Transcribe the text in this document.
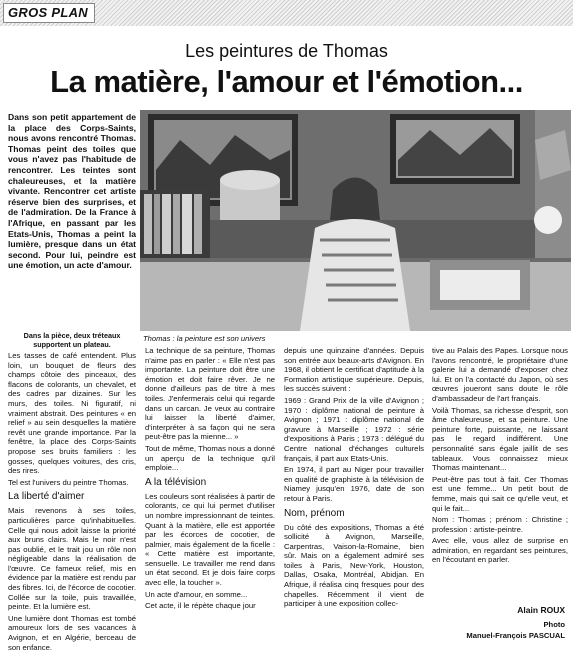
GROS PLAN
Les peintures de Thomas
La matière, l'amour et l'émotion...
Dans son petit appartement de la place des Corps-Saints, nous avons rencontré Thomas. Thomas peint des toiles que vous n'avez pas l'habitude de rencontrer. Les teintes sont chaleureuses, et la matière vivante. Rencontrer cet artiste réserve bien des surprises, et de l'admiration. De la France à l'Afrique, en passant par les Etats-Unis, Thomas a peint la lumière, presque dans un état second. Pour lui, peindre est une émotion, un acte d'amour.
Dans la pièce, deux tréteaux supportent un plateau.
Thomas : la peinture est son univers

Les tasses de café entendent. Plus loin, un bouquet de fleurs des champs côtoie des pinceaux, des flacons de colorants, un chevalet, et des cadres par dizaines. Sur les murs, des toiles. Ni figuratif, ni vraiment abstrait. Des peintures « en relief » au sein desquelles la matière revêt une grande importance. Par la fenêtre, la place des Corps-Saints propose ses bruits familiers : les gosses, quelques voitures, des cris, des rires.

Tel est l'univers du peintre Thomas.

La liberté d'aimer

Mais revenons à ses toiles, particulières parce qu'inhabituelles. Celle qui nous adoit laisse la priorité aux bruns clairs. Mais le noir n'est pas oublié, et le trait jou un rôle non négligeable dans la réalisation de l'œuvre. Ce fameux relief, mis en évidence par la matière est rendu par des fibres. Ici, de l'écorce de cocotier. Collée sur la toile, puis travaillée, peinte. Et la lumière est.

Une lumière dont Thomas est tombé amoureux lors de ses vacances à Avignon, et en Algérie, berceau de son enfance.

La technique de sa peinture, Thomas n'aime pas en parler : « Elle n'est pas importante. La peinture doit être une émotion et doit faire rêver. Je ne donne d'ailleurs pas de titre à mes toiles. J'enfermerais celui qui regarde dans un carcan. Je veux au contraire lui laisser la liberté d'aimer, d'interpréter à sa façon qui ne sera peut-être pas la mienne... »

Tout de même, Thomas nous a donné un aperçu de la technique qu'il emploie...

A la télévision

Les couleurs sont réalisées à partir de colorants, ce qui lui permet d'utiliser un nombre impressionnant de teintes. Quant à la matière, elle est apportée par les écorces de cocotier, de palmier, mais également de la ficelle : « Cette matière est importante, sensuelle. Le travailler me rend dans un état second. Et je dois faire corps avec elle, la toucher ».

Un acte d'amour, en somme...

Cet acte, il le répète chaque jour

depuis une quinzaine d'années. Depuis son entrée aux beaux-arts d'Avignon. En 1968, il obtient le certificat d'aptitude à la Formation artistique supérieure. Depuis, les succès suivent :

1969 : Grand Prix de la ville d'Avignon ; 1970 : diplôme national de peinture à Avignon ; 1971 : diplôme national de gravure à Marseille ; 1972 : série d'expositions à Paris ; 1973 : délégué du Centre national d'échanges culturels français, il part aux Etats-Unis.

En 1974, il part au Niger pour travailler en qualité de graphiste à la télévision de Niamey jusqu'en 1976, date de son retour à Paris.

Nom, prénom

Du côté des expositions, Thomas a été sollicité à Avignon, Marseille, Carpentras, Vaison-la-Romaine, bien sûr. Mais on a également admiré ses toiles à Paris, New-York, Houston, Dallas, Osaka, Montréal, Abidjan. En Afrique, il réalisa cinq fresques pour des chapelles. Récemment il vient de participer à une exposition collec-

tive au Palais des Papes. Lorsque nous l'avons rencontré, le propriétaire d'une galerie lui a demandé d'exposer chez lui. Et on l'a contacté du Japon, où ses œuvres joueront sans doute le rôle d'ambassadeur de l'art français.

Voilà Thomas, sa richesse d'esprit, son âme chaleureuse, et sa peinture. Une peinture forte, puissante, ne laissant pas le regard indifférent. Une personnalité sans égale jaillit de ses tableaux. Vous connaissez mieux Thomas maintenant...

Peut-être pas tout à fait. Cer Thomas est une femme... Un petit bout de femme, mais qui sait ce qu'elle veut, et qui le fait...

Nom : Thomas ; prénom : Christine ; profession : artiste-peintre.

Avec elle, vous allez de surprise en admiration, en regardant ses peintures, en l'écoutant en parler.

Alain ROUX
Photo
Manuel-François PASCUAL
